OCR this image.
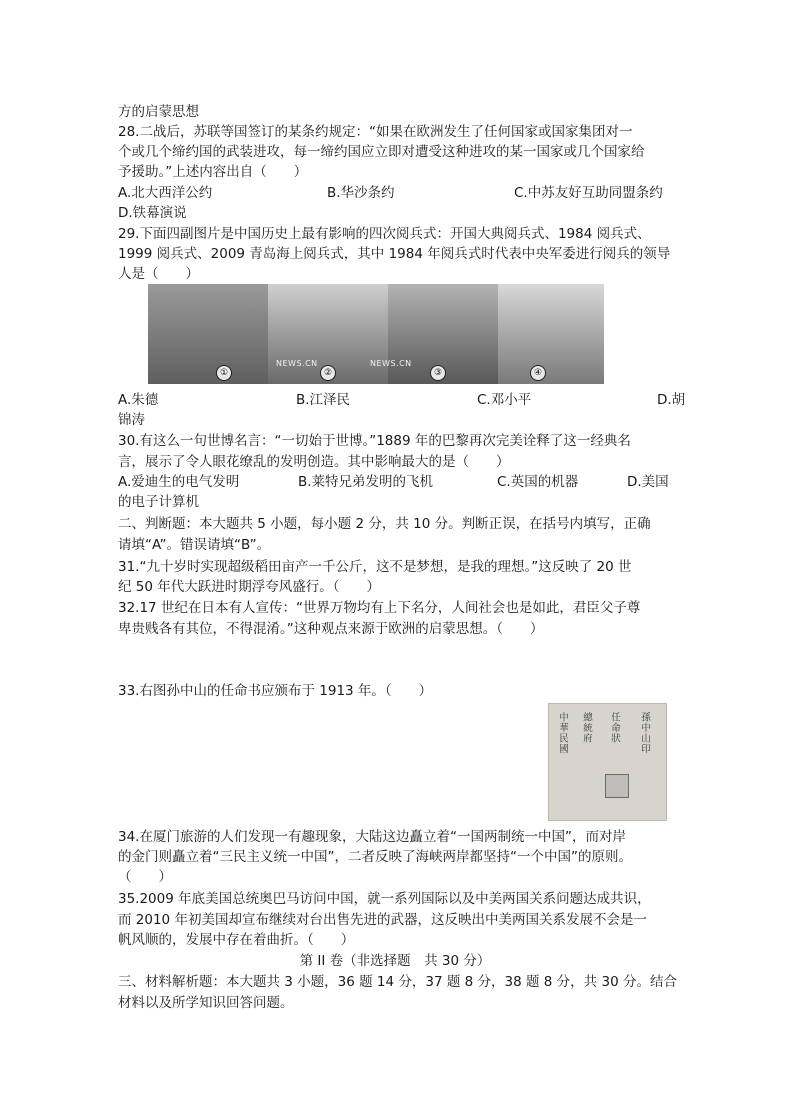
方的启蒙思想
28.二战后，苏联等国签订的某条约规定：“如果在欧洲发生了任何国家或国家集团对一
个或几个缔约国的武装进攻，每一缔约国应立即对遭受这种进攻的某一国家或几个国家给
予援助。”上述内容出自（　　）
A.北大西洋公约	B.华沙条约	C.中苏友好互助同盟条约
D.铁幕演说
29.下面四副图片是中国历史上最有影响的四次阅兵式：开国大典阅兵式、1984 阅兵式、
1999 阅兵式、2009 青岛海上阅兵式，其中 1984 年阅兵式时代表中央军委进行阅兵的领导
人是（　　）
NEWS.CN	NEWS.CN
①	②	③	④
A.朱德	B.江泽民	C.邓小平	D.胡
锦涛
30.有这么一句世博名言：“一切始于世博。”1889 年的巴黎再次完美诠释了这一经典名
言，展示了令人眼花缭乱的发明创造。其中影响最大的是（　　）
A.爱迪生的电气发明	B.莱特兄弟发明的飞机	C.英国的机器	D.美国
的电子计算机
二、判断题：本大题共 5 小题，每小题 2 分，共 10 分。判断正误，在括号内填写，正确
请填“A”。错误请填“B”。
31.“九十岁时实现超级稻田亩产一千公斤，这不是梦想，是我的理想。”这反映了 20 世
纪 50 年代大跃进时期浮夸风盛行。（　　）
32.17 世纪在日本有人宣传：“世界万物均有上下名分，人间社会也是如此，君臣父子尊
卑贵贱各有其位，不得混淆。”这种观点来源于欧洲的启蒙思想。（　　）
33.右图孙中山的任命书应颁布于 1913 年。（　　）
中華民國 總統府 任命狀 孫中山印
34.在厦门旅游的人们发现一有趣现象，大陆这边矗立着“一国两制统一中国”，而对岸
的金门则矗立着“三民主义统一中国”，二者反映了海峡两岸都坚持“一个中国”的原则。
（　　）
35.2009 年底美国总统奥巴马访问中国，就一系列国际以及中美两国关系问题达成共识，
而 2010 年初美国却宣布继续对台出售先进的武器，这反映出中美两国关系发展不会是一
帆风顺的，发展中存在着曲折。（　　）
第 II 卷（非选择题　共 30 分）
三、材料解析题：本大题共 3 小题，36 题 14 分，37 题 8 分，38 题 8 分，共 30 分。结合
材料以及所学知识回答问题。
